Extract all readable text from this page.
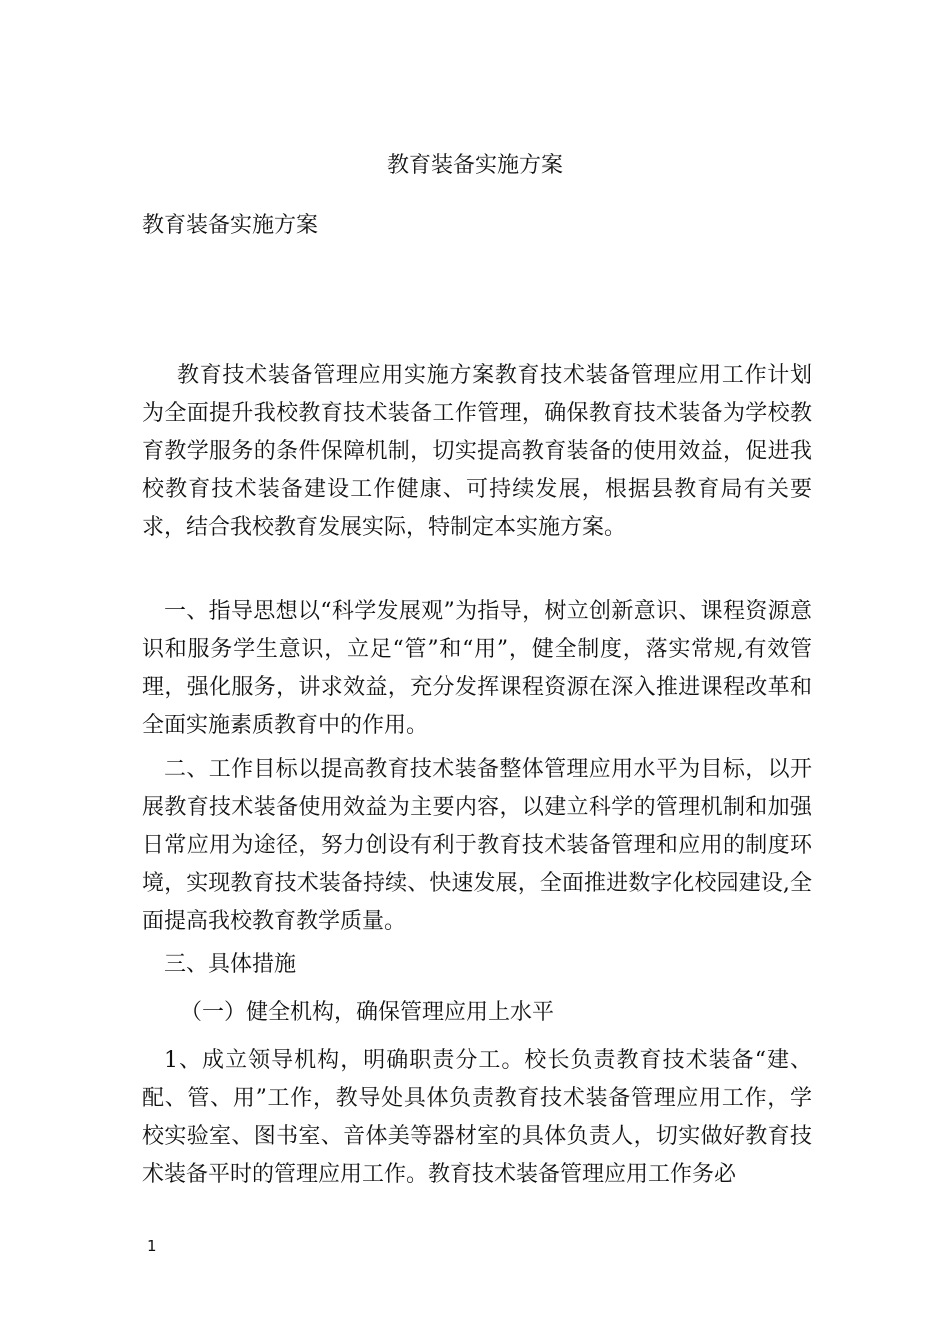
教育装备实施方案

教育装备实施方案

教育技术装备管理应用实施方案教育技术装备管理应用工作计划为全面提升我校教育技术装备工作管理，确保教育技术装备为学校教育教学服务的条件保障机制，切实提高教育装备的使用效益，促进我校教育技术装备建设工作健康、可持续发展，根据县教育局有关要求，结合我校教育发展实际，特制定本实施方案。

一、指导思想以“科学发展观”为指导，树立创新意识、课程资源意识和服务学生意识，立足“管”和“用”，健全制度，落实常规,有效管理，强化服务，讲求效益，充分发挥课程资源在深入推进课程改革和全面实施素质教育中的作用。

二、工作目标以提高教育技术装备整体管理应用水平为目标，以开展教育技术装备使用效益为主要内容，以建立科学的管理机制和加强日常应用为途径，努力创设有利于教育技术装备管理和应用的制度环境，实现教育技术装备持续、快速发展，全面推进数字化校园建设,全面提高我校教育教学质量。

三、具体措施

（一）健全机构，确保管理应用上水平

1、成立领导机构，明确职责分工。校长负责教育技术装备“建、配、管、用”工作，教导处具体负责教育技术装备管理应用工作，学校实验室、图书室、音体美等器材室的具体负责人，切实做好教育技术装备平时的管理应用工作。教育技术装备管理应用工作务必

1
